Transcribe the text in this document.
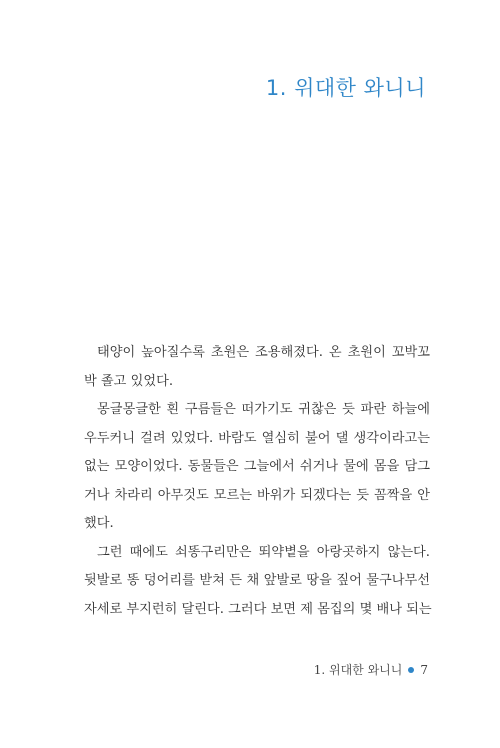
1. 위대한 와니니
태양이 높아질수록 초원은 조용해졌다. 온 초원이 꼬박꼬
박 졸고 있었다.
몽글몽글한 흰 구름들은 떠가기도 귀찮은 듯 파란 하늘에
우두커니 걸려 있었다. 바람도 열심히 불어 댈 생각이라고는
없는 모양이었다. 동물들은 그늘에서 쉬거나 물에 몸을 담그
거나 차라리 아무것도 모르는 바위가 되겠다는 듯 꼼짝을 안
했다.
그런 때에도 쇠똥구리만은 뙤약볕을 아랑곳하지 않는다.
뒷발로 똥 덩어리를 받쳐 든 채 앞발로 땅을 짚어 물구나무선
자세로 부지런히 달린다. 그러다 보면 제 몸집의 몇 배나 되는
1. 위대한 와니니 7
